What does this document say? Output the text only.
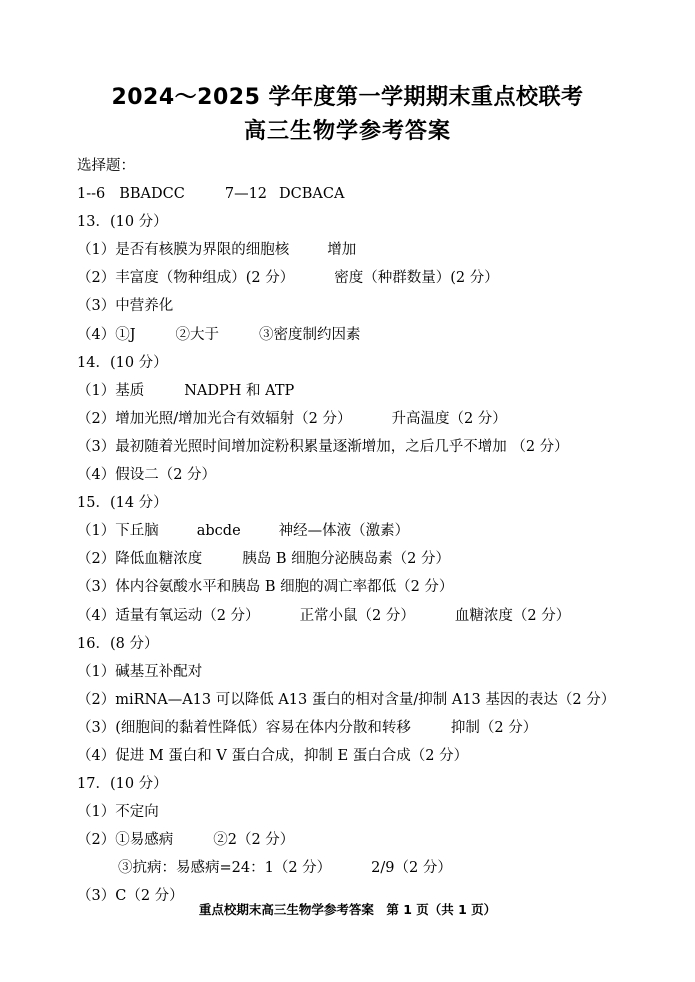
2024～2025 学年度第一学期期末重点校联考
高三生物学参考答案
选择题：
1--6 BBADCC	7—12 DCBACA
13．(10 分）
（1）是否有核膜为界限的细胞核	增加
（2）丰富度（物种组成）(2 分）	密度（种群数量）(2 分）
（3）中营养化
（4）①J	②大于	③密度制约因素
14．(10 分）
（1）基质	NADPH 和 ATP
（2）增加光照/增加光合有效辐射（2 分）	升高温度（2 分）
（3）最初随着光照时间增加淀粉积累量逐渐增加，之后几乎不增加 （2 分）
（4）假设二（2 分）
15．(14 分）
（1）下丘脑	abcde	神经—体液（激素）
（2）降低血糖浓度	胰岛 B 细胞分泌胰岛素（2 分）
（3）体内谷氨酸水平和胰岛 B 细胞的凋亡率都低（2 分）
（4）适量有氧运动（2 分）	正常小鼠（2 分）	血糖浓度（2 分）
16．(8 分）
（1）碱基互补配对
（2）miRNA—A13 可以降低 A13 蛋白的相对含量/抑制 A13 基因的表达（2 分）
（3）(细胞间的黏着性降低）容易在体内分散和转移	抑制（2 分）
（4）促进 M 蛋白和 V 蛋白合成，抑制 E 蛋白合成（2 分）
17．(10 分）
（1）不定向
（2）①易感病	②2（2 分）
③抗病：易感病=24：1（2 分）	2/9（2 分）
（3）C（2 分）
重点校期末高三生物学参考答案　第 1 页（共 1 页）
